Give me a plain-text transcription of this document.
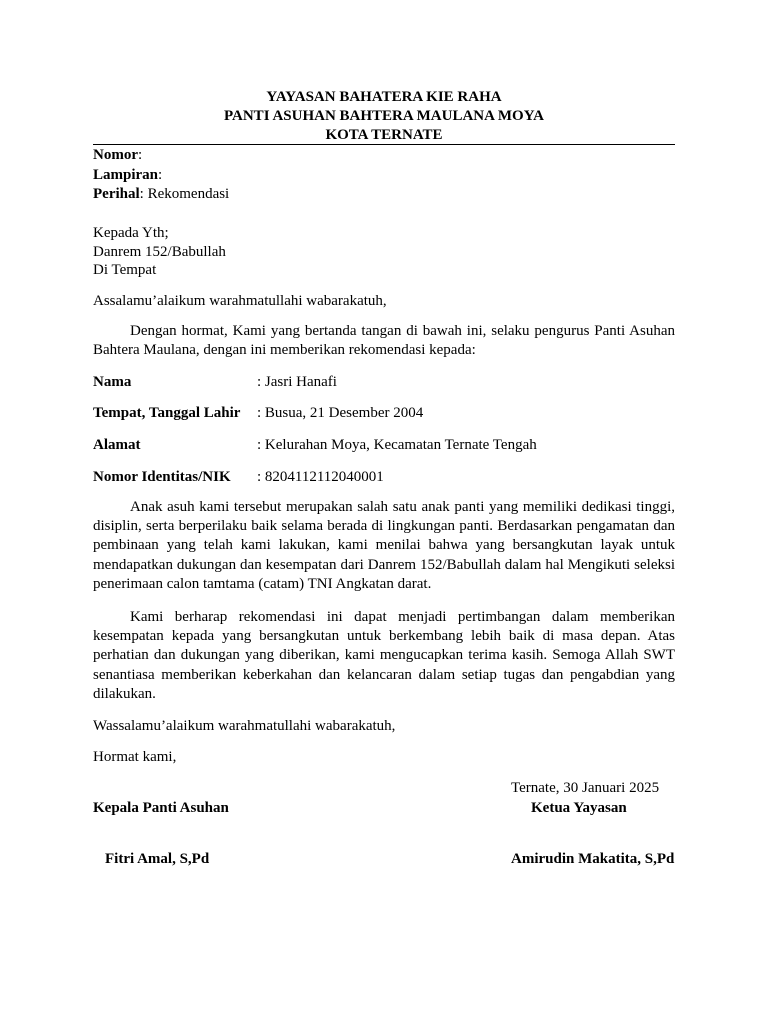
YAYASAN BAHATERA KIE RAHA
PANTI ASUHAN BAHTERA MAULANA MOYA
KOTA TERNATE
Nomor:
Lampiran:
Perihal: Rekomendasi
Kepada Yth;
Danrem 152/Babullah
Di Tempat
Assalamu’alaikum warahmatullahi wabarakatuh,
Dengan hormat, Kami yang bertanda tangan di bawah ini, selaku pengurus Panti Asuhan Bahtera Maulana, dengan ini memberikan rekomendasi kepada:
Nama	: Jasri Hanafi
Tempat, Tanggal Lahir : Busua, 21 Desember 2004
Alamat	: Kelurahan Moya, Kecamatan Ternate Tengah
Nomor Identitas/NIK : 8204112112040001
Anak asuh kami tersebut merupakan salah satu anak panti yang memiliki dedikasi tinggi, disiplin, serta berperilaku baik selama berada di lingkungan panti. Berdasarkan pengamatan dan pembinaan yang telah kami lakukan, kami menilai bahwa yang bersangkutan layak untuk mendapatkan dukungan dan kesempatan dari Danrem 152/Babullah dalam hal Mengikuti seleksi penerimaan calon tamtama (catam) TNI Angkatan darat.
Kami berharap rekomendasi ini dapat menjadi pertimbangan dalam memberikan kesempatan kepada yang bersangkutan untuk berkembang lebih baik di masa depan. Atas perhatian dan dukungan yang diberikan, kami mengucapkan terima kasih. Semoga Allah SWT senantiasa memberikan keberkahan dan kelancaran dalam setiap tugas dan pengabdian yang dilakukan.
Wassalamu’alaikum warahmatullahi wabarakatuh,
Hormat kami,
Ternate, 30 Januari 2025
Kepala Panti Asuhan	Ketua Yayasan
Fitri Amal, S,Pd	Amirudin Makatita, S,Pd
